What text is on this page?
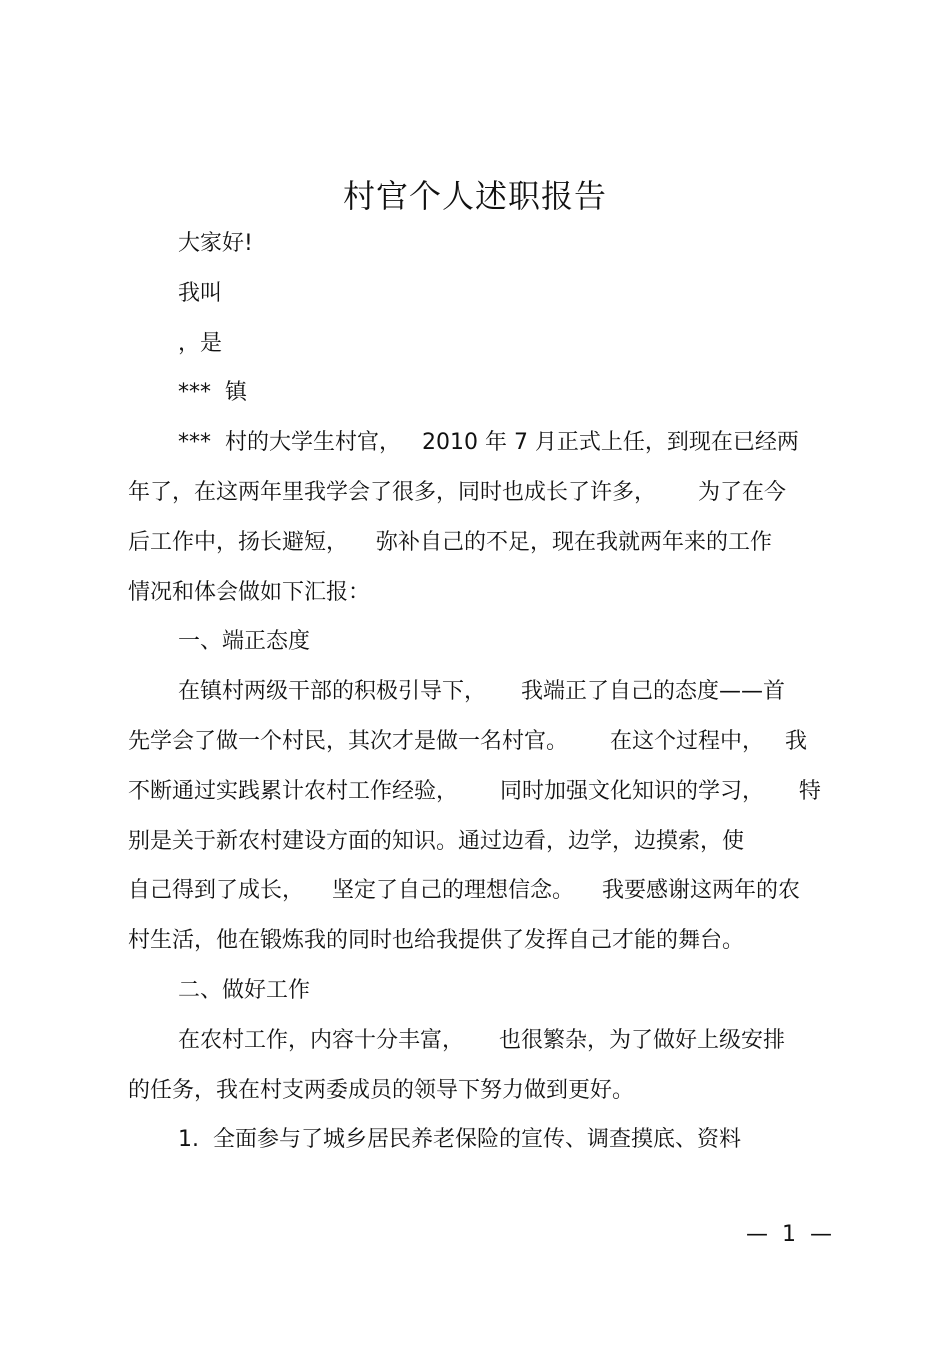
村官个人述职报告
大家好!
我叫
，是
***  镇
***  村的大学生村官，   2010 年 7 月正式上任，到现在已经两
年了，在这两年里我学会了很多，同时也成长了许多，      为了在今
后工作中，扬长避短，    弥补自己的不足，现在我就两年来的工作
情况和体会做如下汇报：
一、端正态度
在镇村两级干部的积极引导下，     我端正了自己的态度——首
先学会了做一个村民，其次才是做一名村官。      在这个过程中，   我
不断通过实践累计农村工作经验，      同时加强文化知识的学习，     特
别是关于新农村建设方面的知识。通过边看，边学，边摸索，使
自己得到了成长，    坚定了自己的理想信念。    我要感谢这两年的农
村生活，他在锻炼我的同时也给我提供了发挥自己才能的舞台。
二、做好工作
在农村工作，内容十分丰富，     也很繁杂，为了做好上级安排
的任务，我在村支两委成员的领导下努力做到更好。
1.  全面参与了城乡居民养老保险的宣传、调查摸底、资料
—  1  —
